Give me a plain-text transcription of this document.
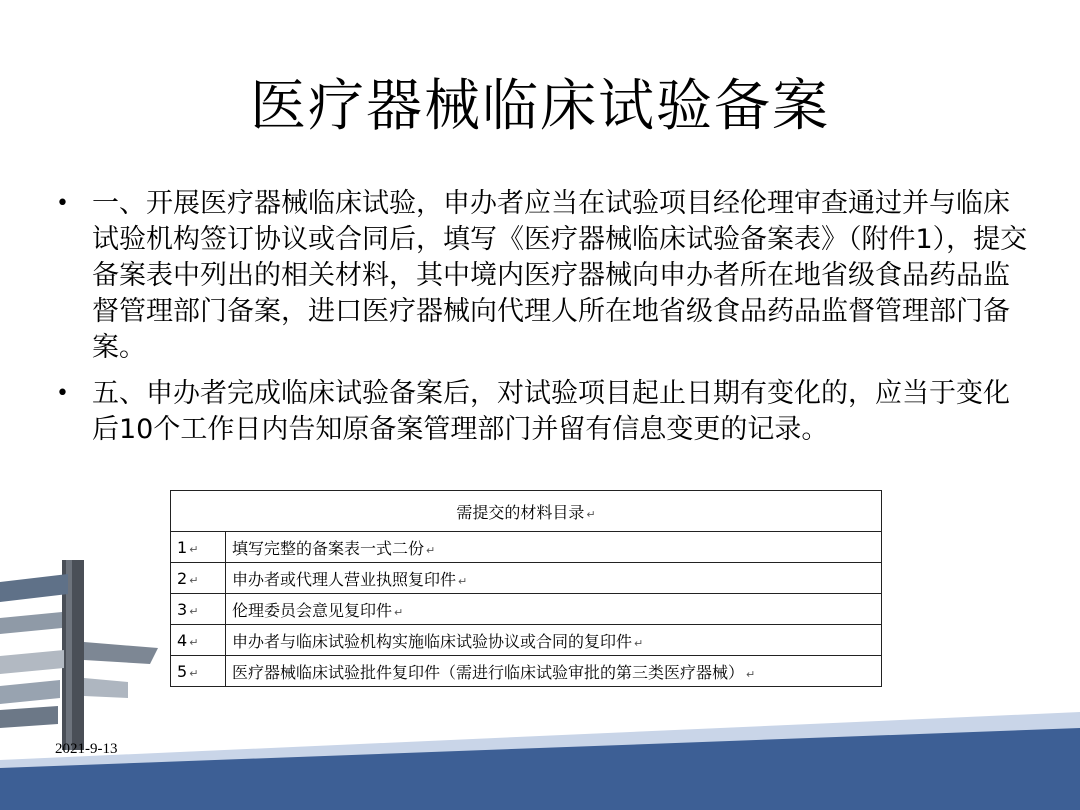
医疗器械临床试验备案
• 一、开展医疗器械临床试验，申办者应当在试验项目经伦理审查通过并与临床试验机构签订协议或合同后，填写《医疗器械临床试验备案表》（附件1），提交备案表中列出的相关材料，其中境内医疗器械向申办者所在地省级食品药品监督管理部门备案，进口医疗器械向代理人所在地省级食品药品监督管理部门备案。
• 五、申办者完成临床试验备案后，对试验项目起止日期有变化的，应当于变化后10个工作日内告知原备案管理部门并留有信息变更的记录。
需提交的材料目录 ↵	
1 ↵	填写完整的备案表一式二份 ↵
2 ↵	申办者或代理人营业执照复印件 ↵
3 ↵	伦理委员会意见复印件 ↵
4 ↵	申办者与临床试验机构实施临床试验协议或合同的复印件 ↵
5 ↵	医疗器械临床试验批件复印件（需进行临床试验审批的第三类医疗器械） ↵
2021-9-13
